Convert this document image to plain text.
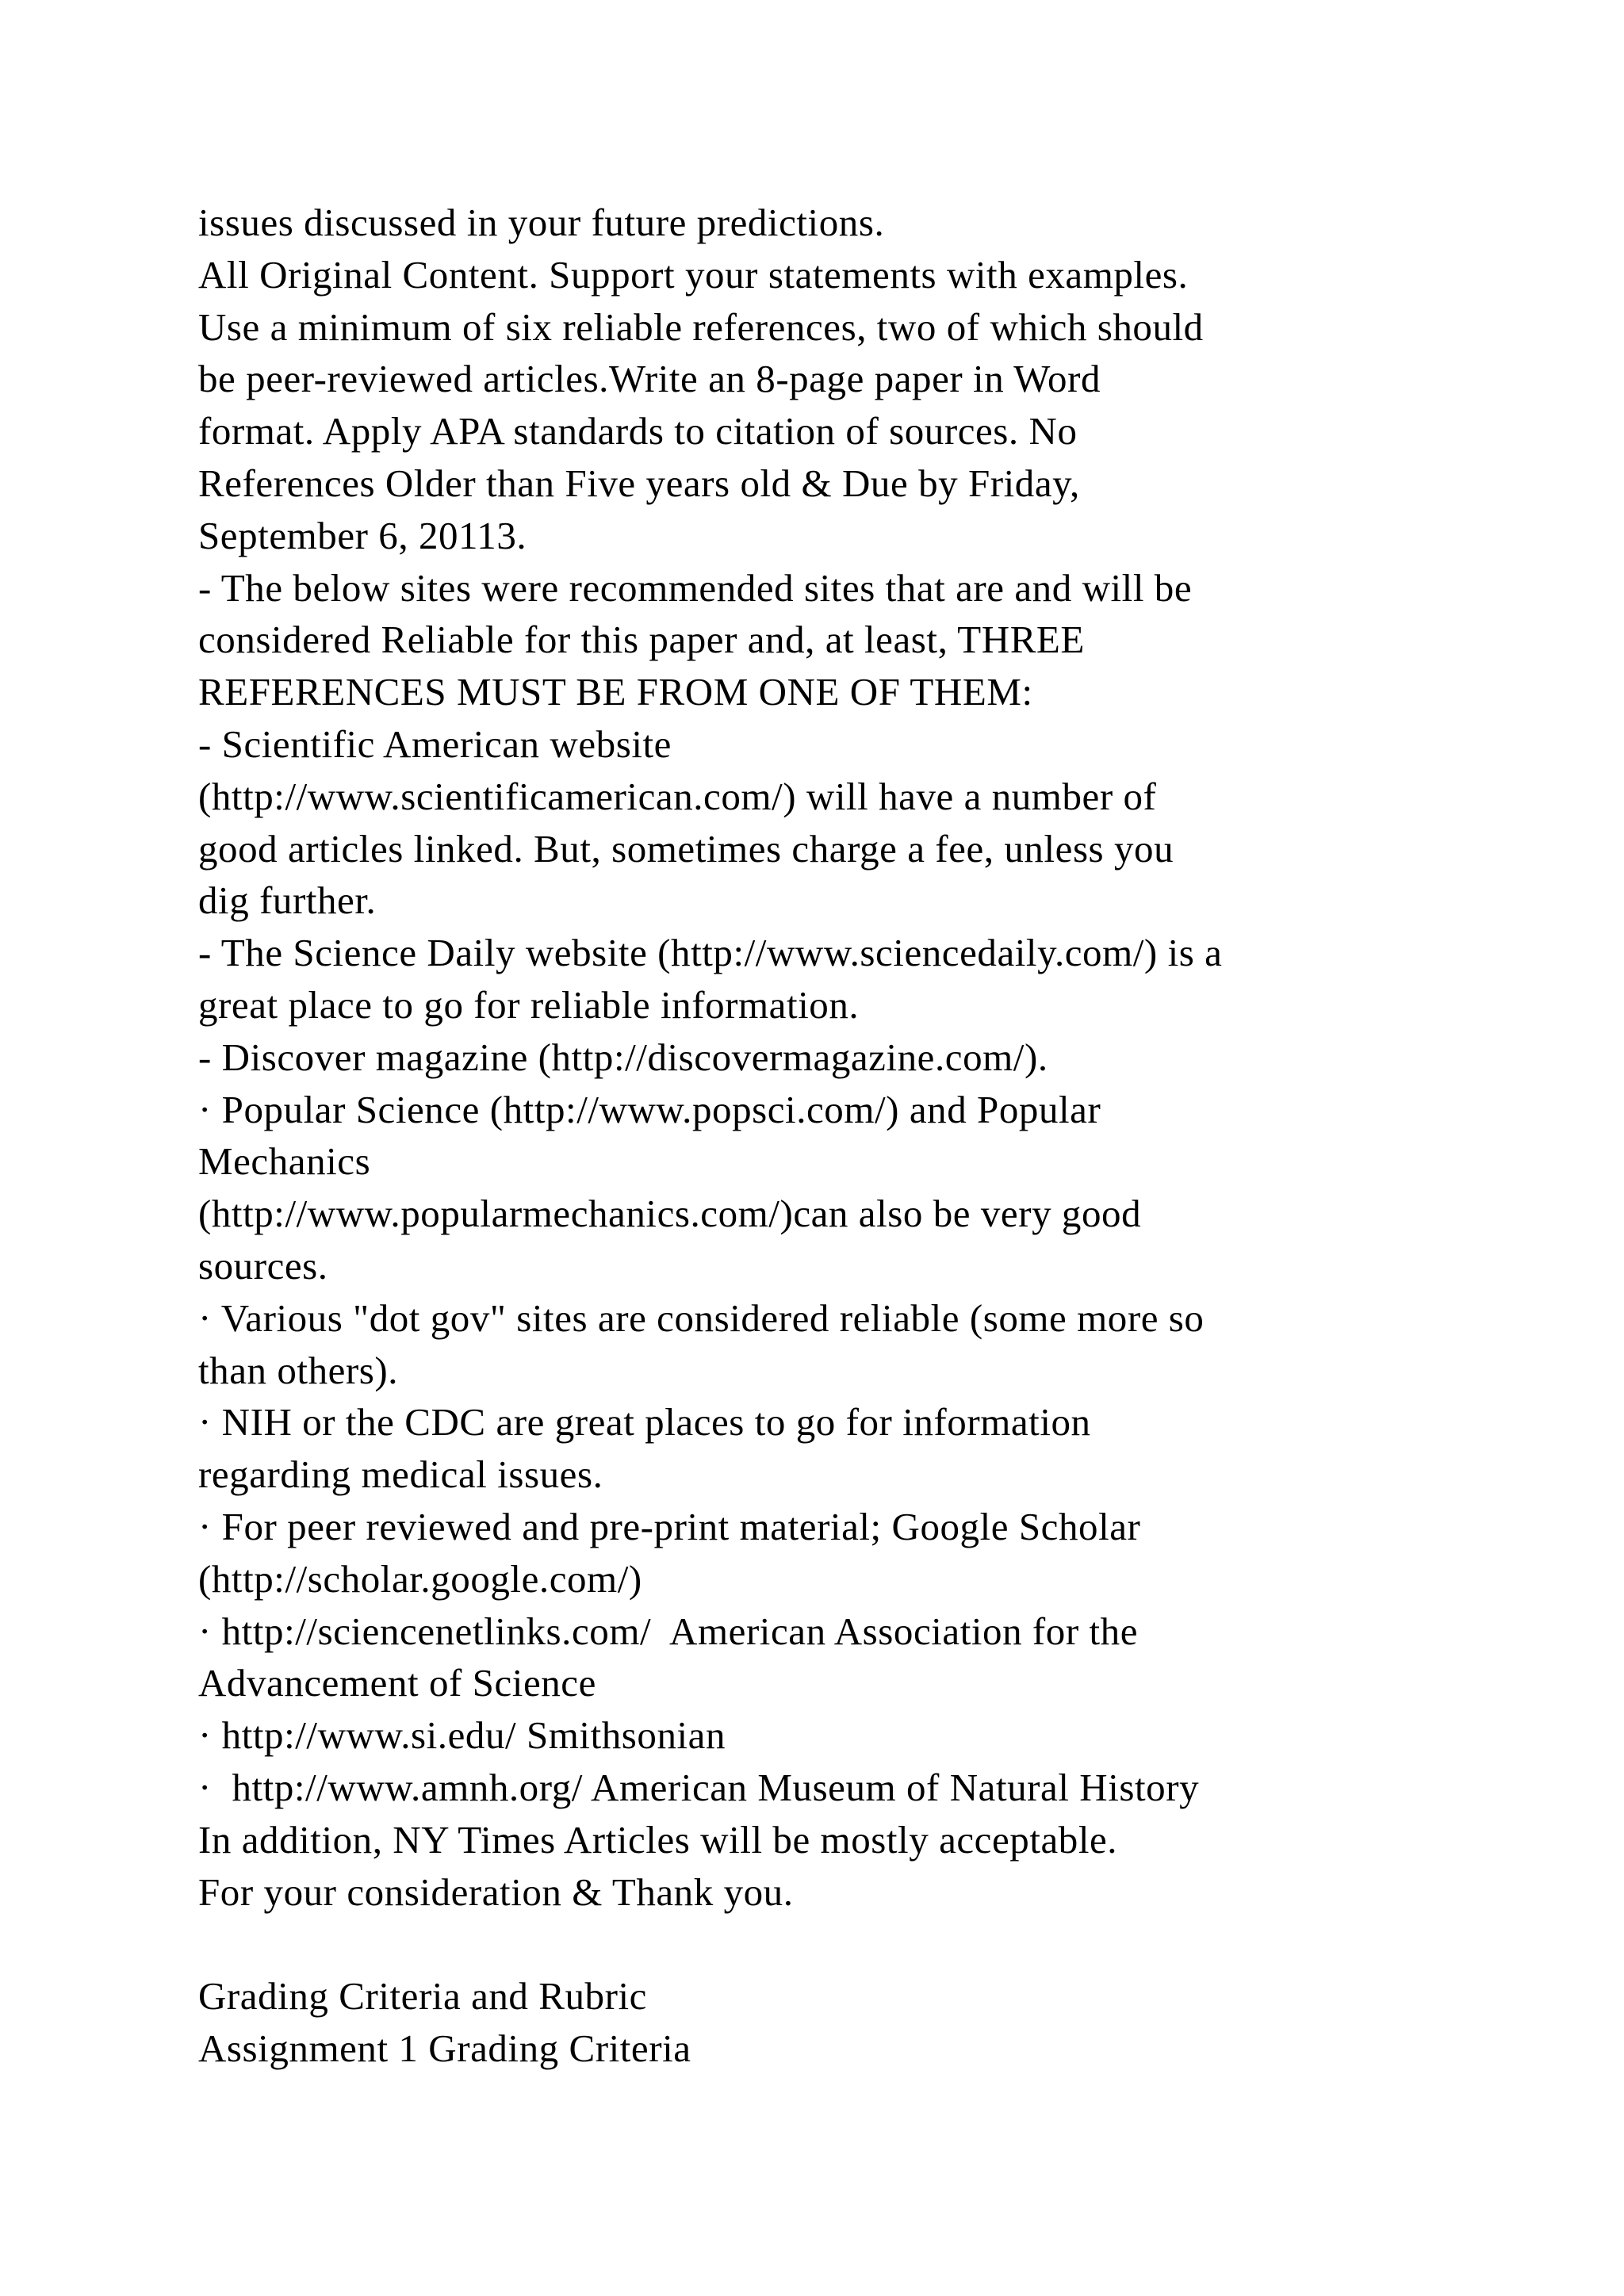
issues discussed in your future predictions.
All Original Content. Support your statements with examples.
Use a minimum of six reliable references, two of which should
be peer-reviewed articles.Write an 8-page paper in Word
format. Apply APA standards to citation of sources. No
References Older than Five years old & Due by Friday,
September 6, 20113.
- The below sites were recommended sites that are and will be
considered Reliable for this paper and, at least, THREE
REFERENCES MUST BE FROM ONE OF THEM:
- Scientific American website
(http://www.scientificamerican.com/) will have a number of
good articles linked. But, sometimes charge a fee, unless you
dig further.
- The Science Daily website (http://www.sciencedaily.com/) is a
great place to go for reliable information.
- Discover magazine (http://discovermagazine.com/).
· Popular Science (http://www.popsci.com/) and Popular
Mechanics
(http://www.popularmechanics.com/)can also be very good
sources.
· Various "dot gov" sites are considered reliable (some more so
than others).
· NIH or the CDC are great places to go for information
regarding medical issues.
· For peer reviewed and pre-print material; Google Scholar
(http://scholar.google.com/)
· http://sciencenetlinks.com/  American Association for the
Advancement of Science
· http://www.si.edu/ Smithsonian
·  http://www.amnh.org/ American Museum of Natural History
In addition, NY Times Articles will be mostly acceptable.
For your consideration & Thank you.
Grading Criteria and Rubric
Assignment 1 Grading Criteria
